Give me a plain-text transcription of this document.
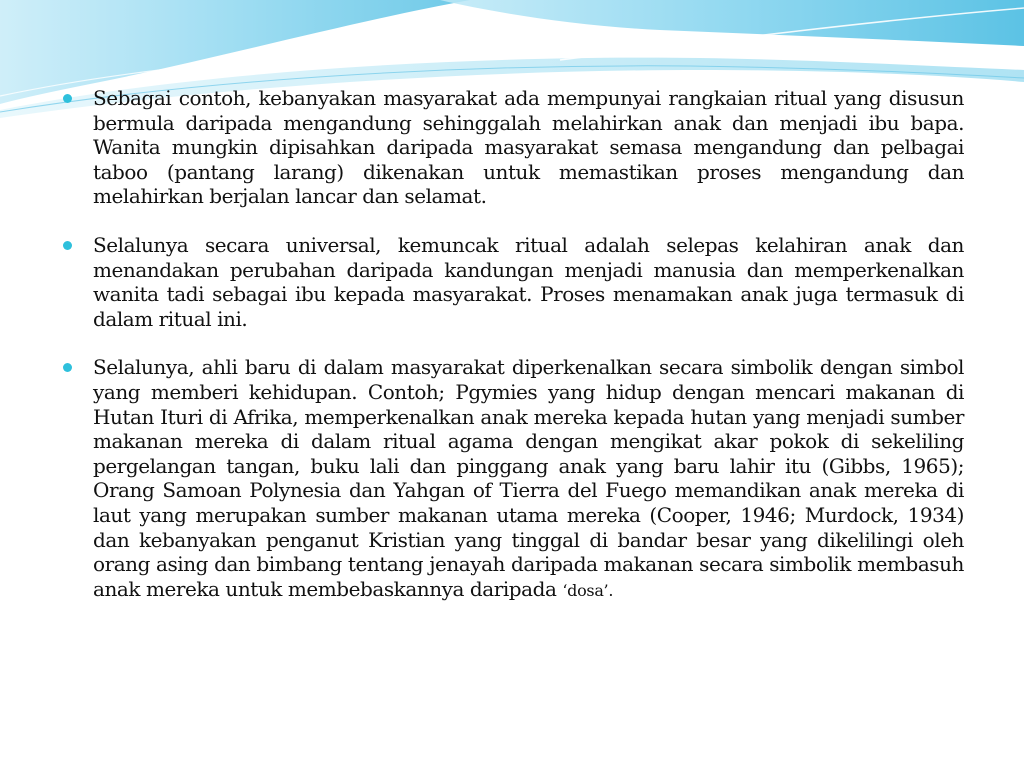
Sebagai contoh, kebanyakan masyarakat ada mempunyai rangkaian ritual yang disusun bermula daripada mengandung sehinggalah melahirkan anak dan menjadi ibu bapa. Wanita mungkin dipisahkan daripada masyarakat semasa mengandung dan pelbagai taboo (pantang larang) dikenakan untuk memastikan proses mengandung dan melahirkan berjalan lancar dan selamat.

Selalunya secara universal, kemuncak ritual adalah selepas kelahiran anak dan menandakan perubahan daripada kandungan menjadi manusia dan memperkenalkan wanita tadi sebagai ibu kepada masyarakat. Proses menamakan anak juga termasuk di dalam ritual ini.

Selalunya, ahli baru di dalam masyarakat diperkenalkan secara simbolik dengan simbol yang memberi kehidupan. Contoh; Pgymies yang hidup dengan mencari makanan di Hutan Ituri di Afrika, memperkenalkan anak mereka kepada hutan yang menjadi sumber makanan mereka di dalam ritual agama dengan mengikat akar pokok di sekeliling pergelangan tangan, buku lali dan pinggang anak yang baru lahir itu (Gibbs, 1965); Orang Samoan Polynesia dan Yahgan of Tierra del Fuego memandikan anak mereka di laut yang merupakan sumber makanan utama mereka (Cooper, 1946; Murdock, 1934) dan kebanyakan penganut Kristian yang tinggal di bandar besar yang dikelilingi oleh orang asing dan bimbang tentang jenayah daripada makanan secara simbolik membasuh anak mereka untuk membebaskannya daripada ‘dosa’.
